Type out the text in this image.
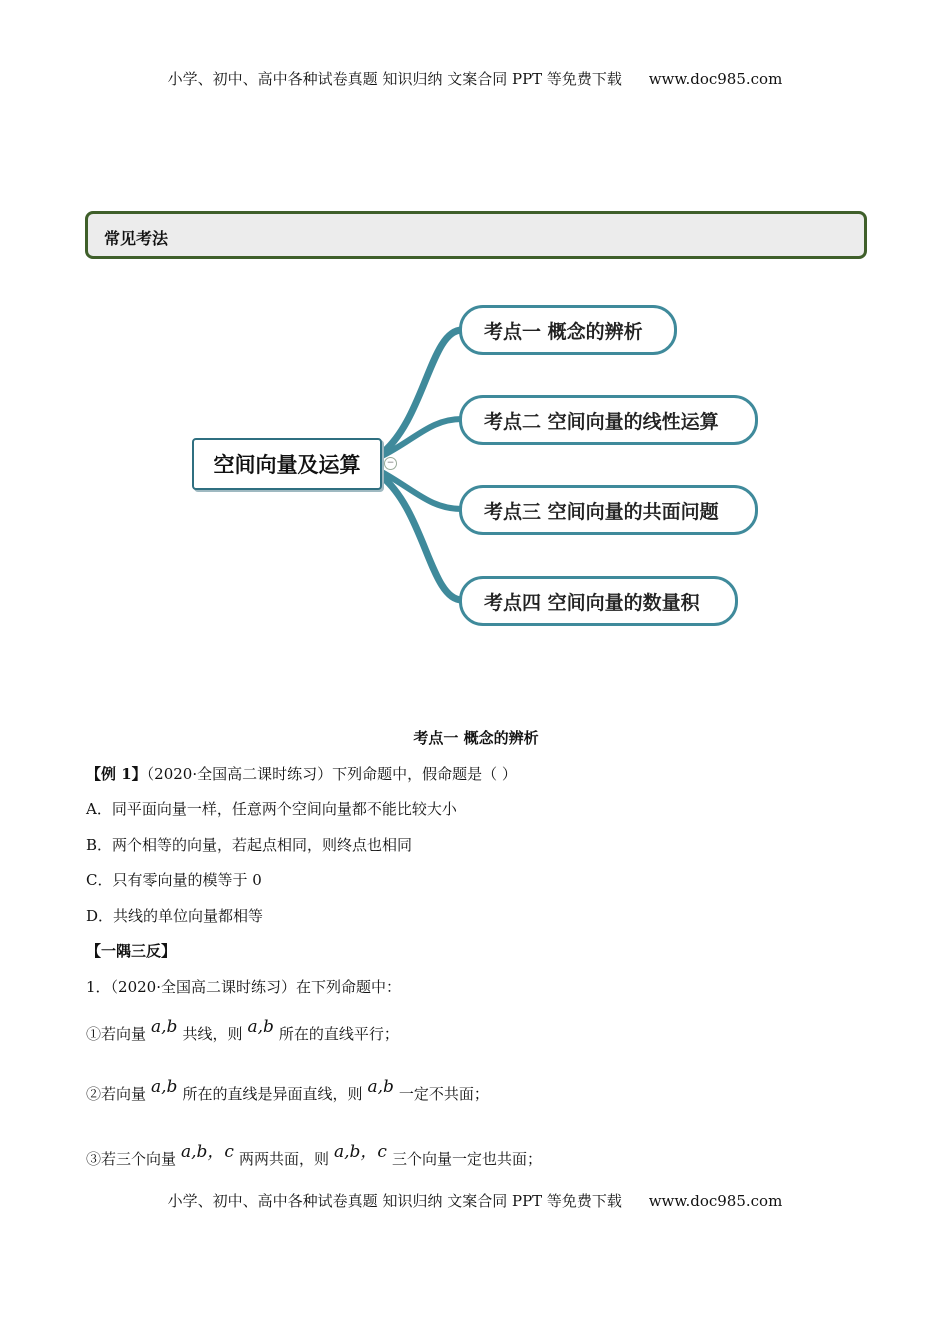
小学、初中、高中各种试卷真题 知识归纳 文案合同 PPT 等免费下载 www.doc985.com
常见考法
空间向量及运算	−
考点一 概念的辨析
考点二 空间向量的线性运算
考点三 空间向量的共面问题
考点四 空间向量的数量积
考点一 概念的辨析
【例 1】（2020·全国高二课时练习）下列命题中，假命题是（ ）
A．同平面向量一样，任意两个空间向量都不能比较大小
B．两个相等的向量，若起点相同，则终点也相同
C．只有零向量的模等于 0
D．共线的单位向量都相等
【一隅三反】
1．（2020·全国高二课时练习）在下列命题中：
①若向量 a,b 共线，则 a,b 所在的直线平行；
②若向量 a,b 所在的直线是异面直线，则 a,b 一定不共面；
③若三个向量 a,b，c 两两共面，则 a,b，c 三个向量一定也共面；
小学、初中、高中各种试卷真题 知识归纳 文案合同 PPT 等免费下载 www.doc985.com
